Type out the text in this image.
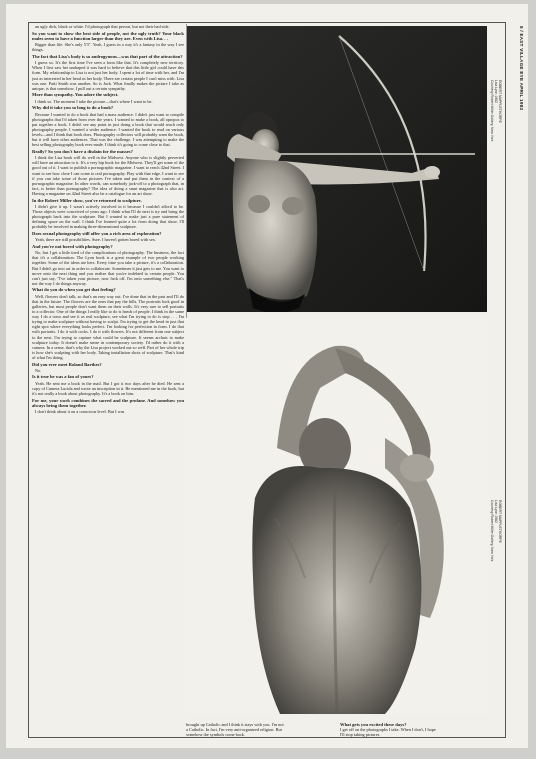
an ugly dick, black or white. I'd photograph that person, but not their bad side.

So you want to show the best side of people, not the ugly truth? Your black males seem to have a function larger than they are. Even with Lisa. . .

Bigger than life. She's only 5'3". Yeah, I guess in a way it's a fantasy in the way I see things.

The fact that Lisa's body is so androgynous—was that part of the attraction?

I guess so. It's the first time I've seen a form like that. It's completely new territory. When I first saw her undraped it was hard to believe that this little girl could have this form. My relationship to Lisa is not just her body. I spent a lot of time with her, and I'm just as interested in her head as her body. There are certain people I can't miss with. Lisa was one. Patti Smith was another. So is Jack. What finally makes the picture I take as unique, is that somehow, I pull out a certain sympathy.

More than sympathy. You adore the subject.

I think so. The moment I take the picture—that's where I want to be.

Why did it take you so long to do a book?

Because I wanted to do a book that had a mass audience. I didn't just want to compile photographs that I'd taken from over the years. I wanted to make a book, all apropos to put together a book. I didn't see any point in just doing a book that would reach only photography people. I wanted a wider audience. I wanted the book to read on various levels—and I think that book does. Photography collectors will probably want the book, but it will have other audiences. That was the challenge. I was attempting to make the best selling photography book ever made. I think it's going to come close to that.

Really? So you don't have a disdain for the masses?

I think the Lisa book will do well in the Midwest. Anyone who is slightly perverted will have an attraction to it. It's a very hip book for the Midwest. They'll get some of the good out of it. I want to publish a pornographic magazine. I want to reach 42nd Street. I want to see how close I can come to real pornography. Play with that edge. I want to see if you can take some of those pictures I've taken and put them in the context of a pornographic magazine. In other words, can somebody jack-off to a photograph that, in fact, is better than pornography? The idea of doing a smut magazine that is also art. Having a magazine on 42nd Street also be a catalogue for an art show.

In the Robert Miller show, you've returned to sculpture.

I didn't give it up. I wasn't actively involved in it because I couldn't afford to be. Those objects were conceived of years ago. I think what I'll do next is try and bring the photograph back into the sculpture. But I wanted to make just a pure statement of defining space on the wall. I think I've learned quite a lot from doing that show. I'll probably be involved in making three-dimensional sculpture.

Does sexual photography still offer you a rich area of exploration?

Yeah, there are still possibilities. Sure. I haven't gotten bored with sex.

And you're not bored with photography?

No, but I get a little tired of the complications of photography. The business, the fact that it's a collaboration. The Lyon book is a great example of two people working together. Some of the ideas are hers. Every time you take a picture, it's a collaboration. But I didn't go into art in order to collaborate. Sometimes it just gets to me. You want to move onto the next thing and you realize that you're indebted to certain people. You can't just say, "I've taken your picture, now fuck off. I'm onto something else." That's not the way I do things anyway.

What do you do when you get that feeling?

Well, flowers don't talk, so that's an easy way out. I've done that in the past and I'll do that in the future. The flowers are the ones that pay the bills. The portraits look good in galleries, but most people don't want them on their walls. It's very rare to sell portraits to a collector. One of the things I really like to do is heads of people. I think in the same way I do a torso and see it as real sculpture, see what I'm trying to do is stop . . . I'm trying to make sculpture without having to sculpt. I'm trying to get the head in just that right spot where everything looks perfect. I'm looking for perfection in form. I do that with portraits. I do it with cocks. I do it with flowers. It's not different from one subject to the next. I'm trying to capture what could be sculpture. It seems archaic to make sculpture today. It doesn't make sense in contemporary society. I'd rather do it with a camera. In a sense, that's why the Lisa project worked out so well. Part of her whole trip is how she's sculpting with her body. Taking installation shots of sculpture. That's kind of what I'm doing.

Did you ever meet Roland Barthes?

No.

Is it true he was a fan of yours?

Yeah. He sent me a book in the mail. But I got it two days after he died. He sent a copy of Camera Lucida and wrote an inscription in it. He mentioned me in the book, but it's not really a book about photography. It's a book on him.

For me, your work combines the sacred and the profane. And somehow you always bring them together.

I don't think about it on a conscious level. But I was

ROBERT MAPPLETHORPE
Lisa Lyon 1982
Courtesy Robert Miller Gallery, New York
ROBERT MAPPLETHORPE
Lisa Lyon 1982
Courtesy Robert Miller Gallery, New York
8 / EAST VILLAGE EYE APRIL 1983
brought up Catholic and I think it stays with you. I'm not
a Catholic. In fact, I'm very anti-organized religion. But
somehow the symbols come back.
What gets you excited these days?
I get off on the photographs I take. When I don't, I hope
I'll stop taking pictures.
